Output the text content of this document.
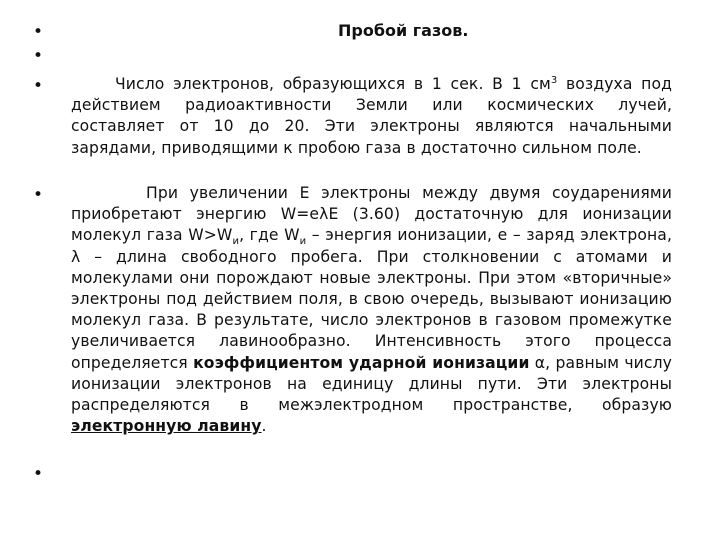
•
•
•
•
•
Пробой газов.
Число электронов, образующихся в 1 сек. В 1 $см^3$ воздуха под действием радиоактивности Земли или космических лучей, составляет от 10 до 20. Эти электроны являются начальными зарядами, приводящими к пробою газа в достаточно сильном поле.
При увеличении E электроны между двумя соударениями приобретают энергию W=eλE (3.60) достаточную для ионизации молекул газа $W>W_и$, где $W_и$ – энергия ионизации, e – заряд электрона, λ – длина свободного пробега. При столкновении с атомами и молекулами они порождают новые электроны. При этом «вторичные» электроны под действием поля, в свою очередь, вызывают ионизацию молекул газа. В результате, число электронов в газовом промежутке увеличивается лавинообразно. Интенсивность этого процесса определяется коэффициентом ударной ионизации α, равным числу ионизации электронов на единицу длины пути. Эти электроны распределяются в межэлектродном пространстве, образую электронную лавину.
